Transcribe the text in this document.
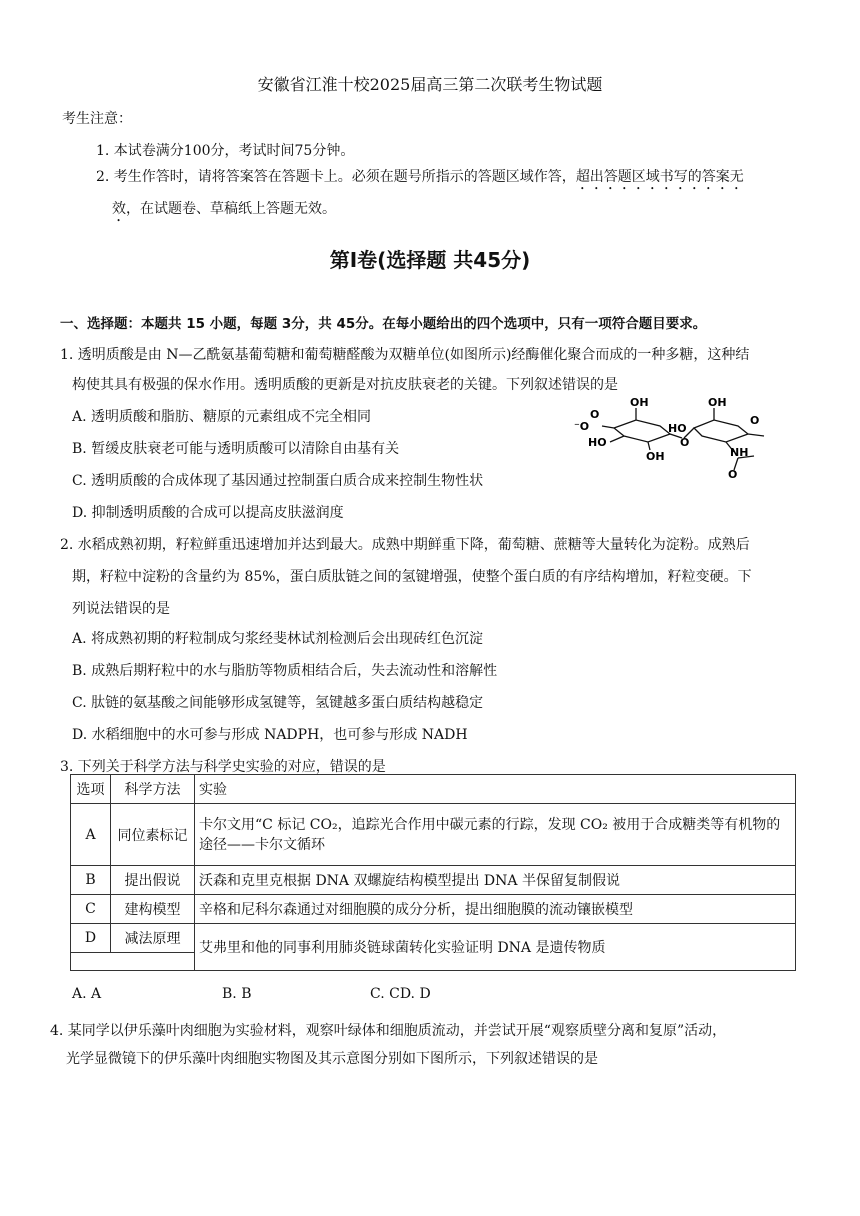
安徽省江淮十校2025届高三第二次联考生物试题
考生注意：
1. 本试卷满分100分，考试时间75分钟。
2. 考生作答时，请将答案答在答题卡上。必须在题号所指示的答题区域作答，超出答题区域书写的答案无
效，在试题卷、草稿纸上答题无效。
第Ⅰ卷(选择题 共45分)
一、选择题：本题共 15 小题，每题 3分，共 45分。在每小题给出的四个选项中，只有一项符合题目要求。
1. 透明质酸是由 N—乙酰氨基葡萄糖和葡萄糖醛酸为双糖单位(如图所示)经酶催化聚合而成的一种多糖，这种结
构使其具有极强的保水作用。透明质酸的更新是对抗皮肤衰老的关键。下列叙述错误的是
A. 透明质酸和脂肪、糖原的元素组成不完全相同
B. 暂缓皮肤衰老可能与透明质酸可以清除自由基有关
C. 透明质酸的合成体现了基因通过控制蛋白质合成来控制生物性状
D. 抑制透明质酸的合成可以提高皮肤滋润度
OH
O
⁻O
HO
OH
O
OH
HO
O
NH
O
2. 水稻成熟初期，籽粒鲜重迅速增加并达到最大。成熟中期鲜重下降，葡萄糖、蔗糖等大量转化为淀粉。成熟后
期，籽粒中淀粉的含量约为 85%，蛋白质肽链之间的氢键增强，使整个蛋白质的有序结构增加，籽粒变硬。下
列说法错误的是
A. 将成熟初期的籽粒制成匀浆经斐林试剂检测后会出现砖红色沉淀
B. 成熟后期籽粒中的水与脂肪等物质相结合后，失去流动性和溶解性
C. 肽链的氨基酸之间能够形成氢键等，氢键越多蛋白质结构越稳定
D. 水稻细胞中的水可参与形成 NADPH，也可参与形成 NADH
3. 下列关于科学方法与科学史实验的对应，错误的是
选项	科学方法	实验
A	同位素标记	卡尔文用“C 标记 CO₂，追踪光合作用中碳元素的行踪，发现 CO₂ 被用于合成糖类等有机物的途径——卡尔文循环
B	提出假说	沃森和克里克根据 DNA 双螺旋结构模型提出 DNA 半保留复制假说
C	建构模型	辛格和尼科尔森通过对细胞膜的成分分析，提出细胞膜的流动镶嵌模型
D	减法原理	艾弗里和他的同事利用肺炎链球菌转化实验证明 DNA 是遗传物质

A. A	B. B	C. CD. D
4. 某同学以伊乐藻叶肉细胞为实验材料，观察叶绿体和细胞质流动，并尝试开展“观察质壁分离和复原”活动，
光学显微镜下的伊乐藻叶肉细胞实物图及其示意图分别如下图所示，下列叙述错误的是
